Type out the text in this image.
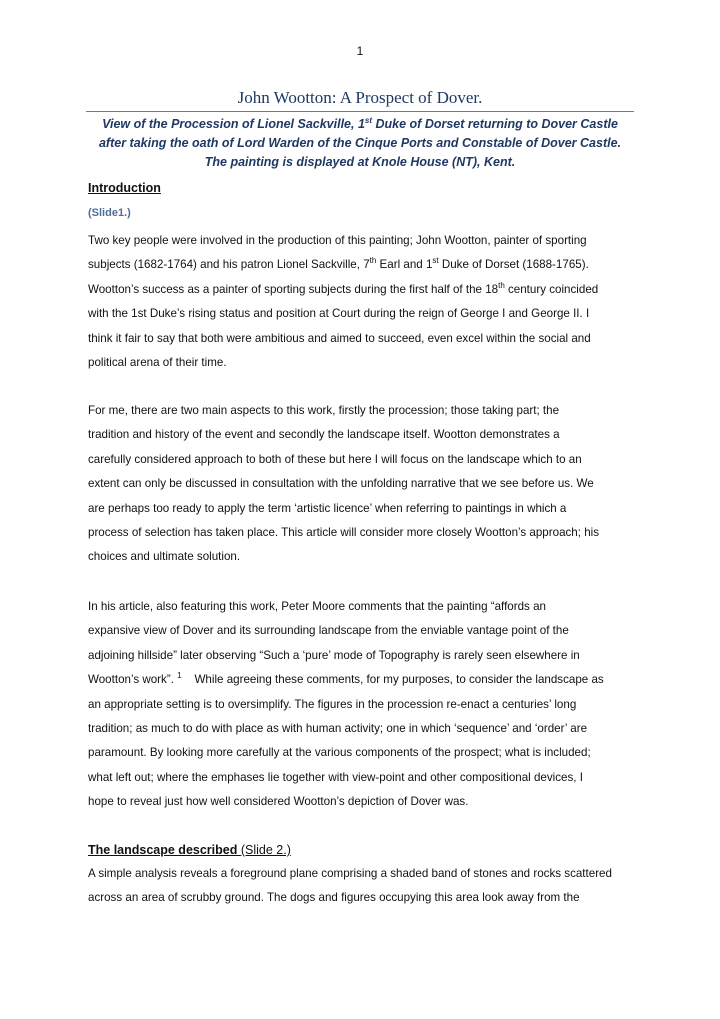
1
John Wootton: A Prospect of Dover.
View of the Procession of Lionel Sackville, 1st Duke of Dorset returning to Dover Castle
after taking the oath of Lord Warden of the Cinque Ports and Constable of Dover Castle.
The painting is displayed at Knole House (NT), Kent.
Introduction
(Slide1.)
Two key people were involved in the production of this painting; John Wootton, painter of sporting
subjects (1682-1764) and his patron Lionel Sackville, 7th Earl and 1st Duke of Dorset (1688-1765).
Wootton’s success as a painter of sporting subjects during the first half of the 18th century coincided
with the 1st Duke’s rising status and position at Court during the reign of George I and George II. I
think it fair to say that both were ambitious and aimed to succeed, even excel within the social and
political arena of their time.
For me, there are two main aspects to this work, firstly the procession; those taking part; the
tradition and history of the event and secondly the landscape itself. Wootton demonstrates a
carefully considered approach to both of these but here I will focus on the landscape which to an
extent can only be discussed in consultation with the unfolding narrative that we see before us. We
are perhaps too ready to apply the term ‘artistic licence’ when referring to paintings in which a
process of selection has taken place. This article will consider more closely Wootton’s approach; his
choices and ultimate solution.
In his article, also featuring this work, Peter Moore comments that the painting “affords an
expansive view of Dover and its surrounding landscape from the enviable vantage point of the
adjoining hillside” later observing “Such a ‘pure’ mode of Topography is rarely seen elsewhere in
Wootton’s work”. $^1$    While agreeing these comments, for my purposes, to consider the landscape as
an appropriate setting is to oversimplify. The figures in the procession re-enact a centuries’ long
tradition; as much to do with place as with human activity; one in which ‘sequence’ and ‘order’ are
paramount. By looking more carefully at the various components of the prospect; what is included;
what left out; where the emphases lie together with view-point and other compositional devices, I
hope to reveal just how well considered Wootton’s depiction of Dover was.
The landscape described (Slide 2.)
A simple analysis reveals a foreground plane comprising a shaded band of stones and rocks scattered
across an area of scrubby ground. The dogs and figures occupying this area look away from the
